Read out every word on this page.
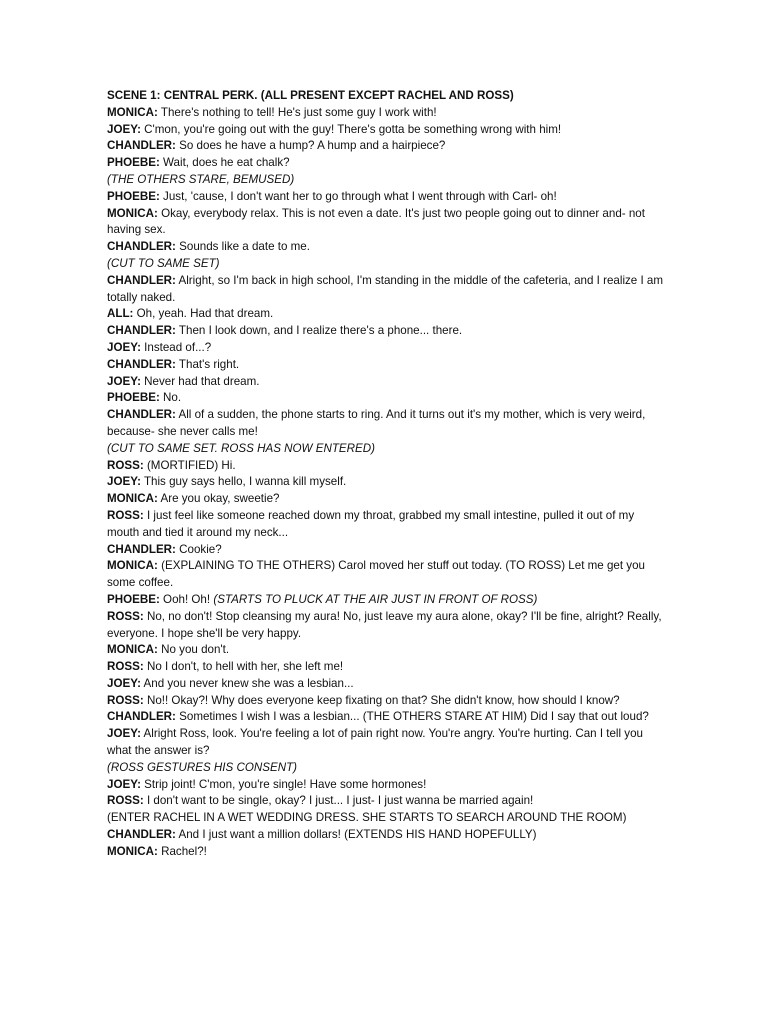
SCENE 1: CENTRAL PERK. (ALL PRESENT EXCEPT RACHEL AND ROSS)
MONICA: There's nothing to tell! He's just some guy I work with!
JOEY: C'mon, you're going out with the guy! There's gotta be something wrong with him!
CHANDLER: So does he have a hump? A hump and a hairpiece?
PHOEBE: Wait, does he eat chalk?
(THE OTHERS STARE, BEMUSED)
PHOEBE: Just, 'cause, I don't want her to go through what I went through with Carl- oh!
MONICA: Okay, everybody relax. This is not even a date. It's just two people going out to dinner and- not having sex.
CHANDLER: Sounds like a date to me.
(CUT TO SAME SET)
CHANDLER: Alright, so I'm back in high school, I'm standing in the middle of the cafeteria, and I realize I am totally naked.
ALL: Oh, yeah. Had that dream.
CHANDLER: Then I look down, and I realize there's a phone... there.
JOEY: Instead of...?
CHANDLER: That's right.
JOEY: Never had that dream.
PHOEBE: No.
CHANDLER: All of a sudden, the phone starts to ring. And it turns out it's my mother, which is very weird, because- she never calls me!
(CUT TO SAME SET. ROSS HAS NOW ENTERED)
ROSS: (MORTIFIED) Hi.
JOEY: This guy says hello, I wanna kill myself.
MONICA: Are you okay, sweetie?
ROSS: I just feel like someone reached down my throat, grabbed my small intestine, pulled it out of my mouth and tied it around my neck...
CHANDLER: Cookie?
MONICA: (EXPLAINING TO THE OTHERS) Carol moved her stuff out today. (TO ROSS) Let me get you some coffee.
PHOEBE: Ooh! Oh! (STARTS TO PLUCK AT THE AIR JUST IN FRONT OF ROSS)
ROSS: No, no don't! Stop cleansing my aura! No, just leave my aura alone, okay? I'll be fine, alright? Really, everyone. I hope she'll be very happy.
MONICA: No you don't.
ROSS: No I don't, to hell with her, she left me!
JOEY: And you never knew she was a lesbian...
ROSS: No!! Okay?! Why does everyone keep fixating on that? She didn't know, how should I know?
CHANDLER: Sometimes I wish I was a lesbian... (THE OTHERS STARE AT HIM) Did I say that out loud?
JOEY: Alright Ross, look. You're feeling a lot of pain right now. You're angry. You're hurting. Can I tell you what the answer is?
(ROSS GESTURES HIS CONSENT)
JOEY: Strip joint! C'mon, you're single! Have some hormones!
ROSS: I don't want to be single, okay? I just... I just- I just wanna be married again!
(ENTER RACHEL IN A WET WEDDING DRESS. SHE STARTS TO SEARCH AROUND THE ROOM)
CHANDLER: And I just want a million dollars! (EXTENDS HIS HAND HOPEFULLY)
MONICA: Rachel?!
